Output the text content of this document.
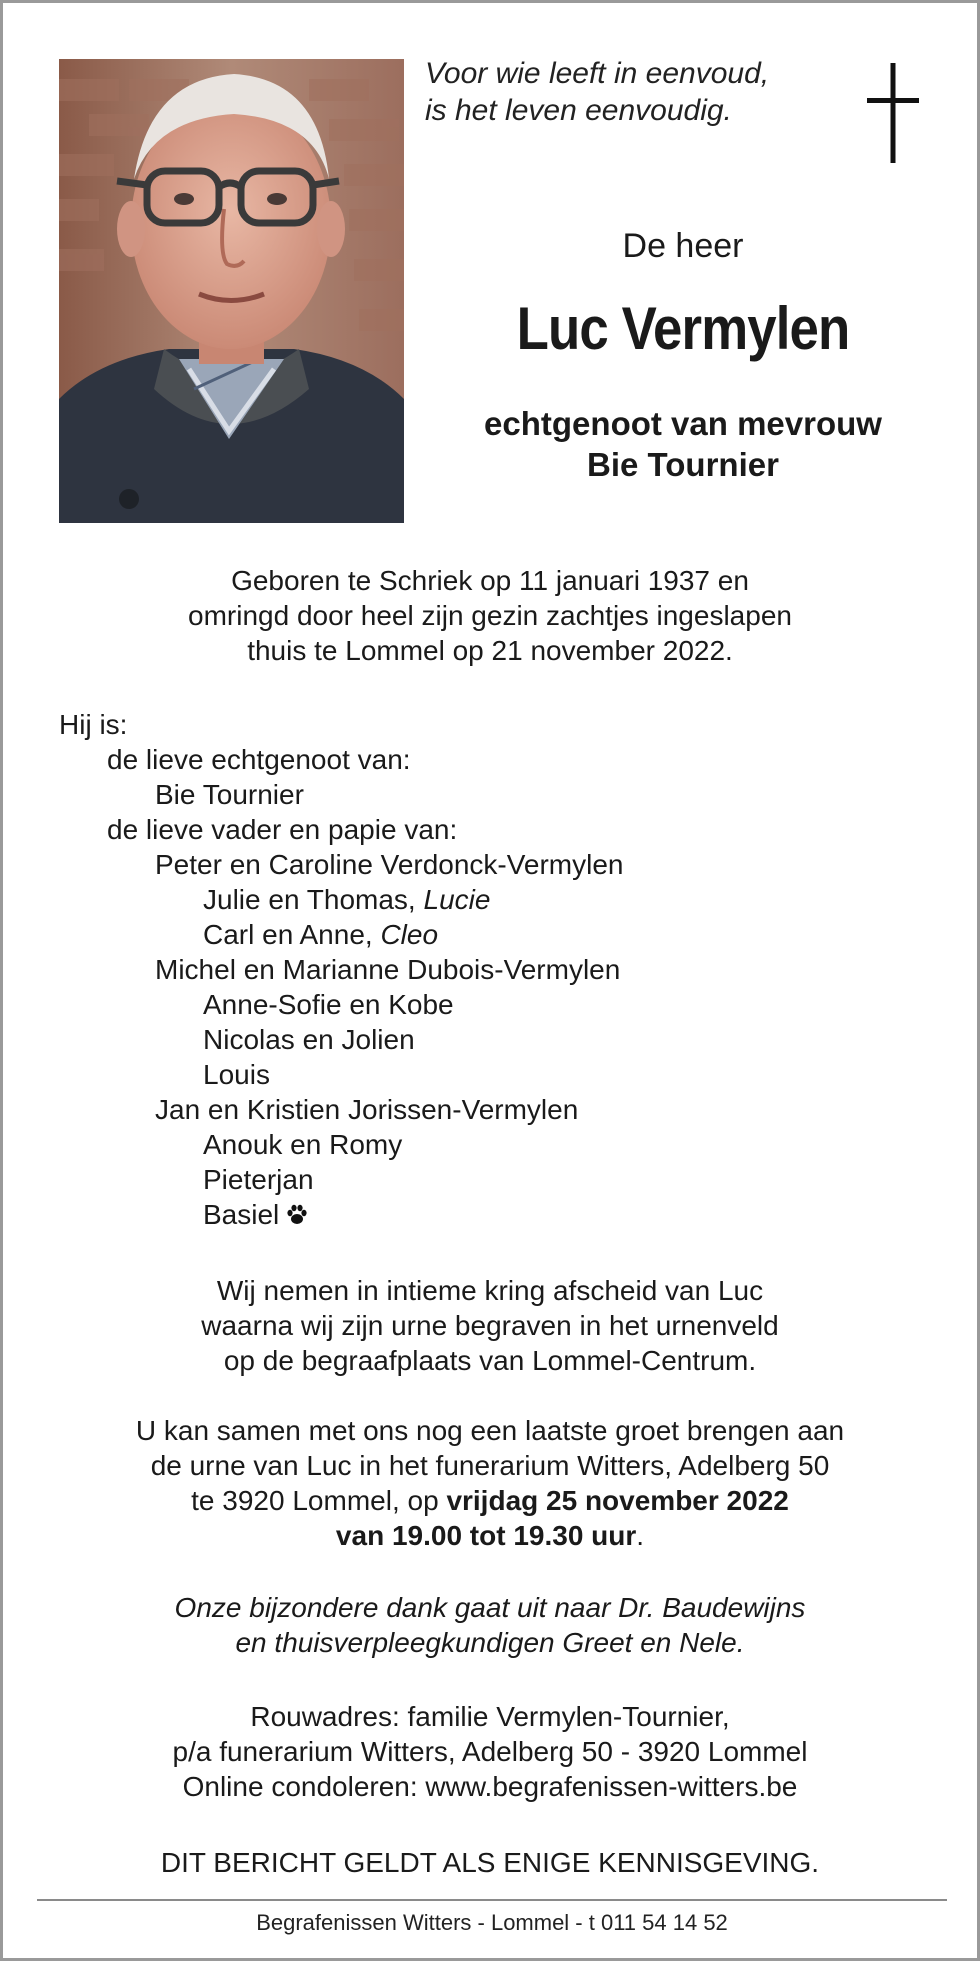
Voor wie leeft in eenvoud,
is het leven eenvoudig.
De heer
Luc Vermylen
echtgenoot van mevrouw
Bie Tournier
Geboren te Schriek op 11 januari 1937 en
omringd door heel zijn gezin zachtjes ingeslapen
thuis te Lommel op 21 november 2022.
Hij is:
de lieve echtgenoot van:
Bie Tournier
de lieve vader en papie van:
Peter en Caroline Verdonck-Vermylen
Julie en Thomas, Lucie
Carl en Anne, Cleo
Michel en Marianne Dubois-Vermylen
Anne-Sofie en Kobe
Nicolas en Jolien
Louis
Jan en Kristien Jorissen-Vermylen
Anouk en Romy
Pieterjan
Basiel
Wij nemen in intieme kring afscheid van Luc
waarna wij zijn urne begraven in het urnenveld
op de begraafplaats van Lommel-Centrum.
U kan samen met ons nog een laatste groet brengen aan
de urne van Luc in het funerarium Witters, Adelberg 50
te 3920 Lommel, op vrijdag 25 november 2022
van 19.00 tot 19.30 uur.
Onze bijzondere dank gaat uit naar Dr. Baudewijns
en thuisverpleegkundigen Greet en Nele.
Rouwadres: familie Vermylen-Tournier,
p/a funerarium Witters, Adelberg 50 - 3920 Lommel
Online condoleren: www.begrafenissen-witters.be
DIT BERICHT GELDT ALS ENIGE KENNISGEVING.
Begrafenissen Witters - Lommel - t 011 54 14 52
